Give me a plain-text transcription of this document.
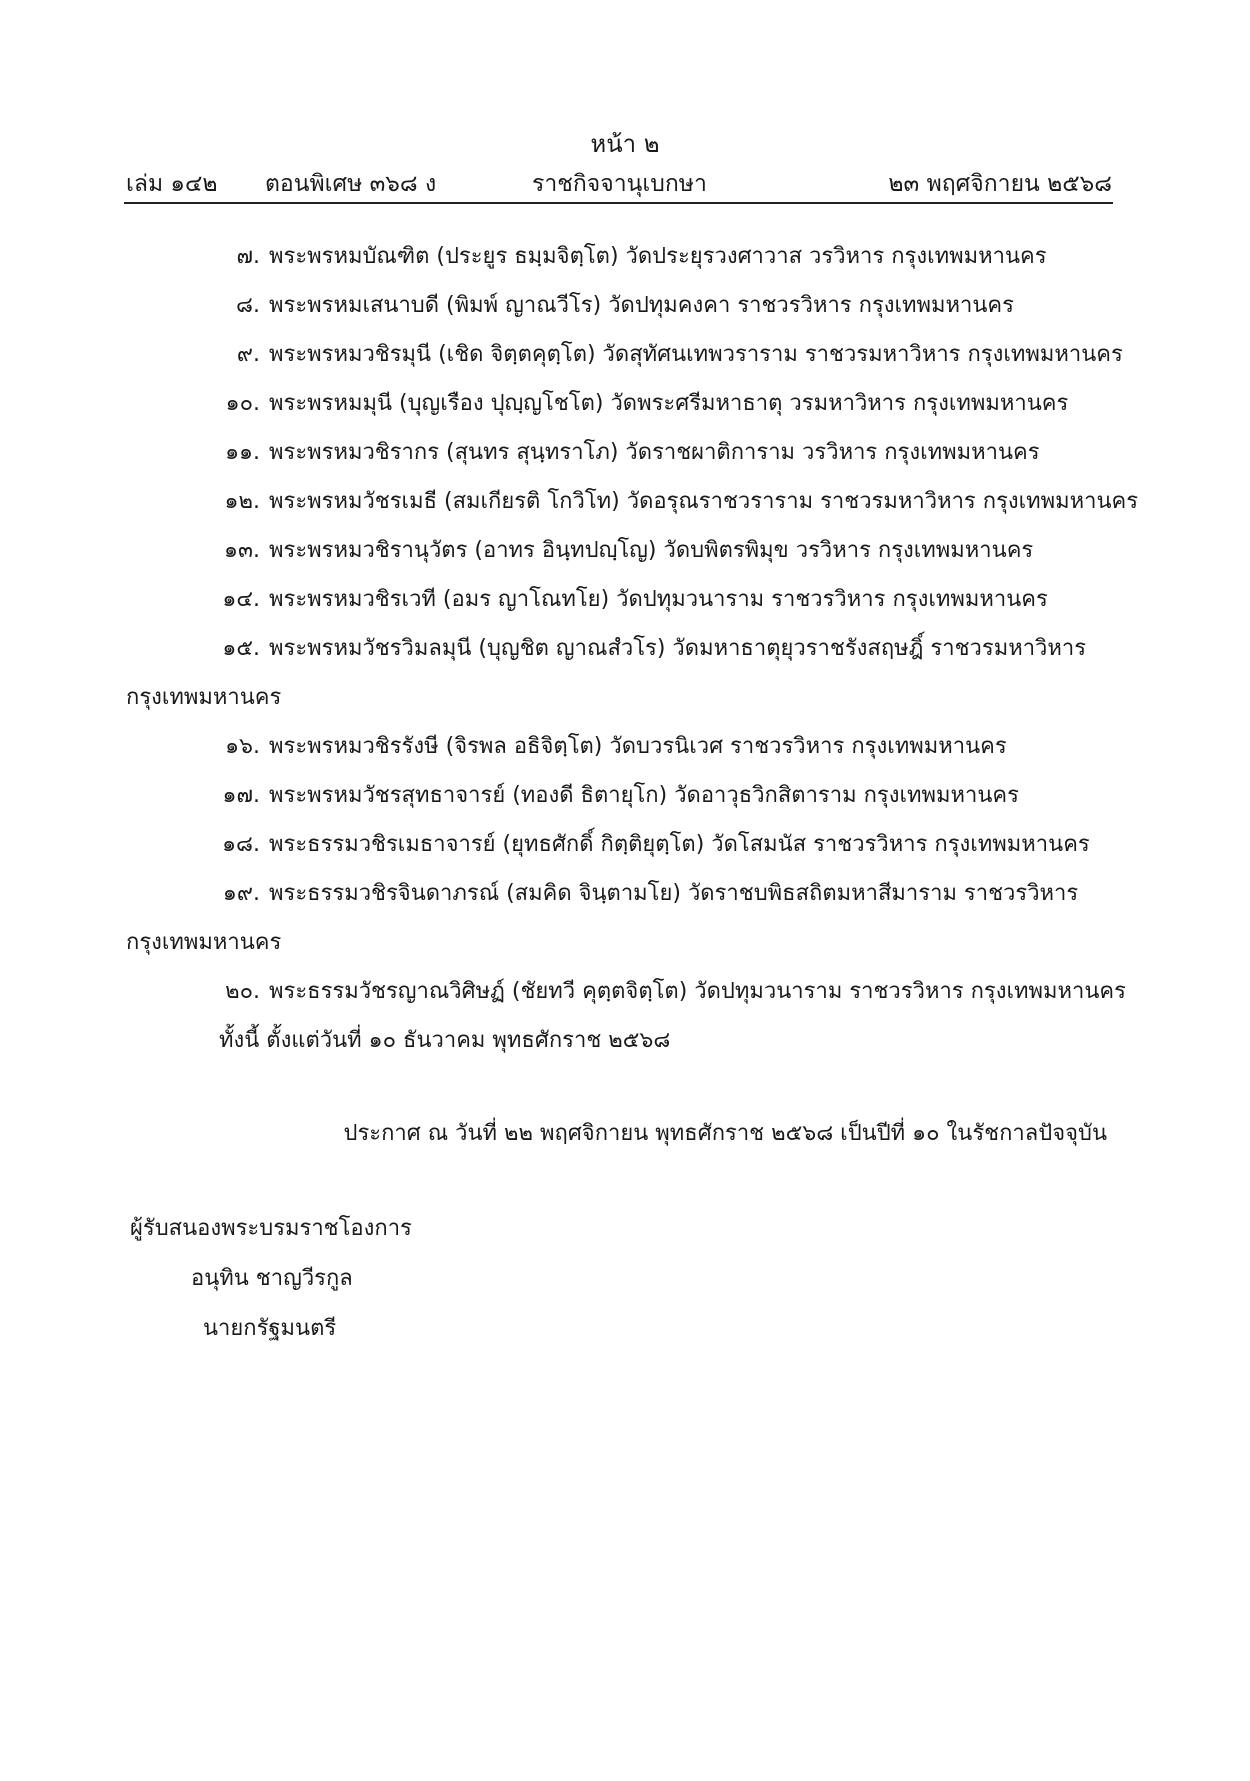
หน้า ๒
เล่ม ๑๔๒ ตอนพิเศษ ๓๖๘ ง	ราชกิจจานุเบกษา	๒๓ พฤศจิกายน ๒๕๖๘
๗. พระพรหมบัณฑิต (ประยูร ธมฺมจิตฺโต) วัดประยุรวงศาวาส วรวิหาร กรุงเทพมหานคร
๘. พระพรหมเสนาบดี (พิมพ์ ญาณวีโร) วัดปทุมคงคา ราชวรวิหาร กรุงเทพมหานคร
๙. พระพรหมวชิรมุนี (เชิด จิตฺตคุตฺโต) วัดสุทัศนเทพวราราม ราชวรมหาวิหาร กรุงเทพมหานคร
๑๐. พระพรหมมุนี (บุญเรือง ปุญฺญโชโต) วัดพระศรีมหาธาตุ วรมหาวิหาร กรุงเทพมหานคร
๑๑. พระพรหมวชิรากร (สุนทร สุนฺทราโภ) วัดราชผาติการาม วรวิหาร กรุงเทพมหานคร
๑๒. พระพรหมวัชรเมธี (สมเกียรติ โกวิโท) วัดอรุณราชวราราม ราชวรมหาวิหาร กรุงเทพมหานคร
๑๓. พระพรหมวชิรานุวัตร (อาทร อินฺทปญฺโญ) วัดบพิตรพิมุข วรวิหาร กรุงเทพมหานคร
๑๔. พระพรหมวชิรเวที (อมร ญาโณทโย) วัดปทุมวนาราม ราชวรวิหาร กรุงเทพมหานคร
๑๕. พระพรหมวัชรวิมลมุนี (บุญชิต ญาณสํวโร) วัดมหาธาตุยุวราชรังสฤษฎิ์ ราชวรมหาวิหาร
กรุงเทพมหานคร
๑๖. พระพรหมวชิรรังษี (จิรพล อธิจิตฺโต) วัดบวรนิเวศ ราชวรวิหาร กรุงเทพมหานคร
๑๗. พระพรหมวัชรสุทธาจารย์ (ทองดี ธิตายุโก) วัดอาวุธวิกสิตาราม กรุงเทพมหานคร
๑๘. พระธรรมวชิรเมธาจารย์ (ยุทธศักดิ์ กิตฺติยุตฺโต) วัดโสมนัส ราชวรวิหาร กรุงเทพมหานคร
๑๙. พระธรรมวชิรจินดาภรณ์ (สมคิด จินฺตามโย) วัดราชบพิธสถิตมหาสีมาราม ราชวรวิหาร
กรุงเทพมหานคร
๒๐. พระธรรมวัชรญาณวิศิษฏ์ (ชัยทวี คุตฺตจิตฺโต) วัดปทุมวนาราม ราชวรวิหาร กรุงเทพมหานคร
ทั้งนี้ ตั้งแต่วันที่ ๑๐ ธันวาคม พุทธศักราช ๒๕๖๘
ประกาศ ณ วันที่ ๒๒ พฤศจิกายน พุทธศักราช ๒๕๖๘ เป็นปีที่ ๑๐ ในรัชกาลปัจจุบัน
ผู้รับสนองพระบรมราชโองการ
อนุทิน ชาญวีรกูล
นายกรัฐมนตรี
